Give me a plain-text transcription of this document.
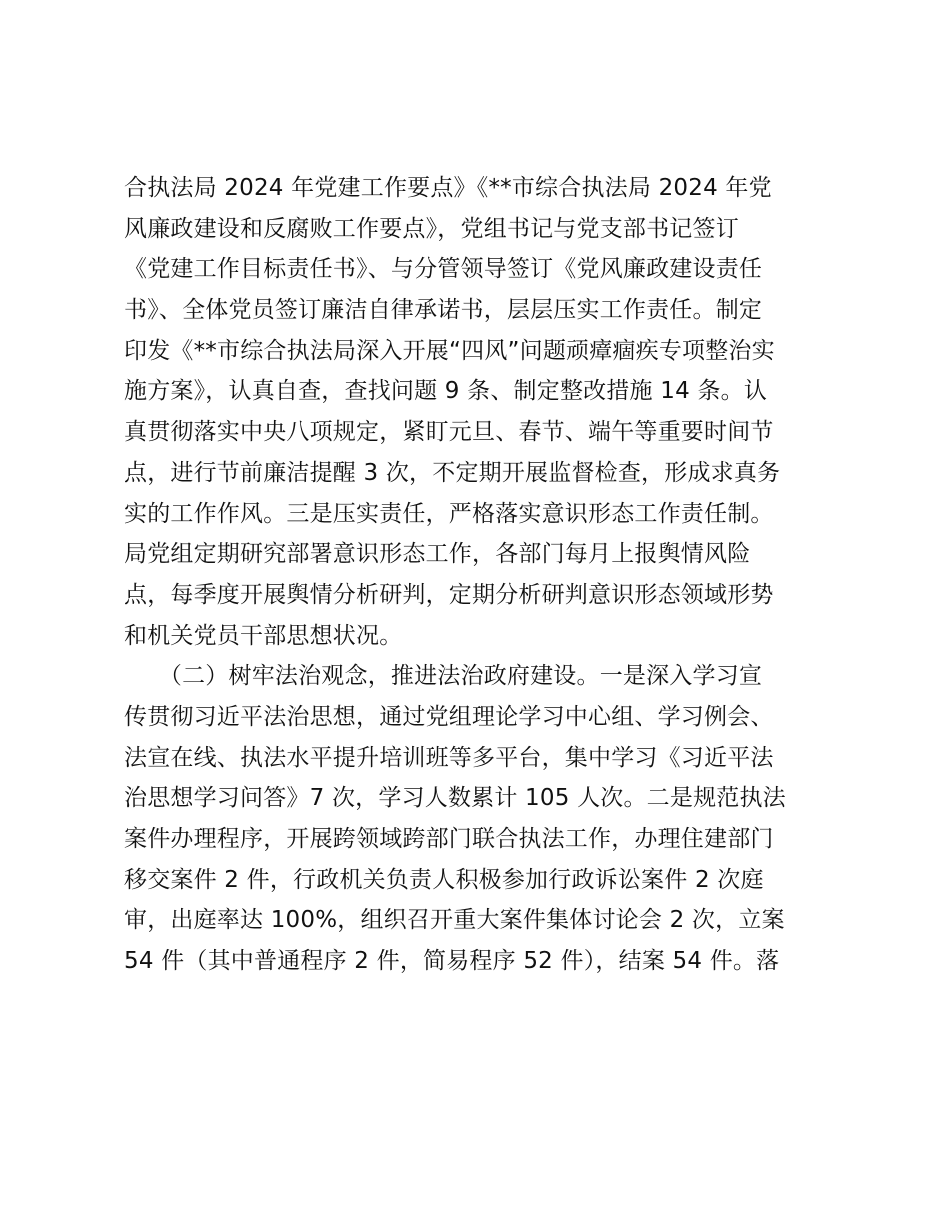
合执法局 2024 年党建工作要点》《**市综合执法局 2024 年党
风廉政建设和反腐败工作要点》，党组书记与党支部书记签订
《党建工作目标责任书》、与分管领导签订《党风廉政建设责任
书》、全体党员签订廉洁自律承诺书，层层压实工作责任。制定
印发《**市综合执法局深入开展“四风”问题顽瘴痼疾专项整治实
施方案》，认真自查，查找问题 9 条、制定整改措施 14 条。认
真贯彻落实中央八项规定，紧盯元旦、春节、端午等重要时间节
点，进行节前廉洁提醒 3 次，不定期开展监督检查，形成求真务
实的工作作风。三是压实责任，严格落实意识形态工作责任制。
局党组定期研究部署意识形态工作，各部门每月上报舆情风险
点，每季度开展舆情分析研判，定期分析研判意识形态领域形势
和机关党员干部思想状况。
　　（二）树牢法治观念，推进法治政府建设。一是深入学习宣
传贯彻习近平法治思想，通过党组理论学习中心组、学习例会、
法宣在线、执法水平提升培训班等多平台，集中学习《习近平法
治思想学习问答》7 次，学习人数累计 105 人次。二是规范执法
案件办理程序，开展跨领域跨部门联合执法工作，办理住建部门
移交案件 2 件，行政机关负责人积极参加行政诉讼案件 2 次庭
审，出庭率达 100%，组织召开重大案件集体讨论会 2 次，立案
54 件（其中普通程序 2 件，简易程序 52 件），结案 54 件。落
